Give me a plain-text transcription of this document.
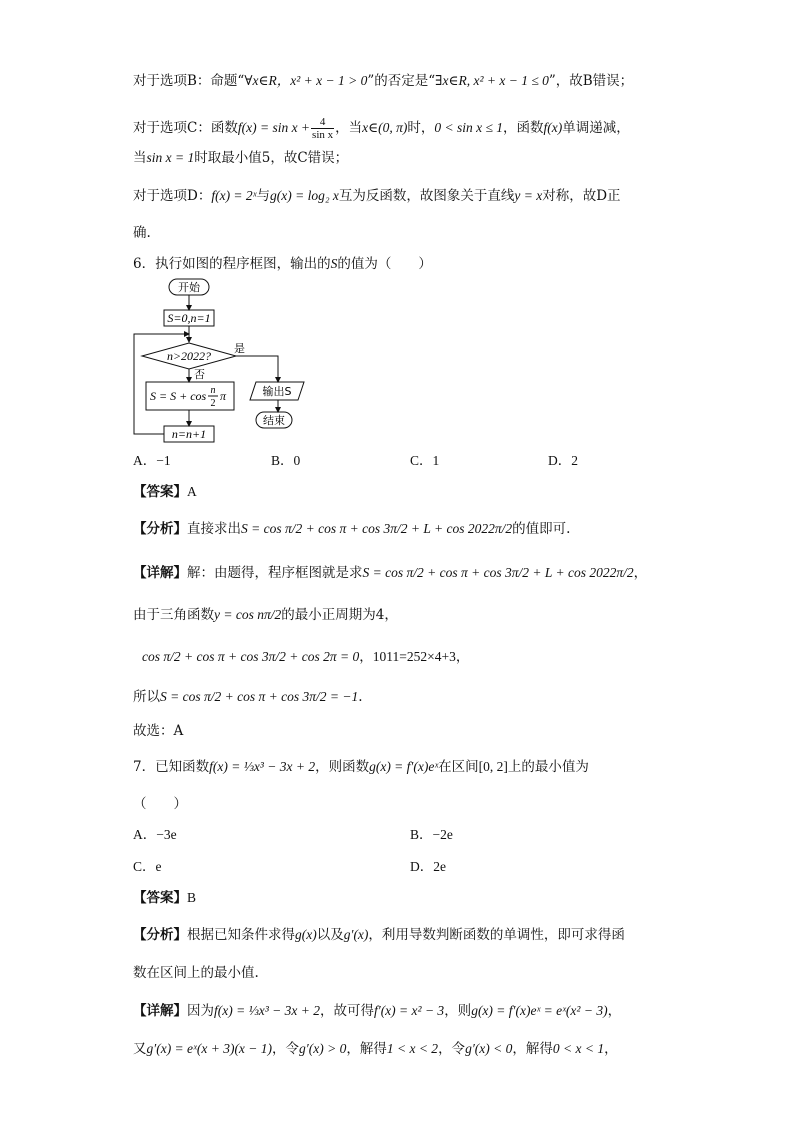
对于选项B：命题“∀x∈R，x² + x − 1 > 0”的否定是“∃x∈R, x² + x − 1 ≤ 0”，故B错误；
对于选项C：函数$f(x) = \sin x + \frac{4}{\text{sin x}}$ ，当x∈(0, π)时，0 < sin x ≤ 1，函数f(x)单调递减，
当sin x = 1时取最小值5，故C错误；
对于选项D：f(x) = 2ˣ与g(x) = log₂ x互为反函数，故图象关于直线y = x对称，故D正
确.
6．执行如图的程序框图，输出的S的值为（　　）
开始
S=0,n=1
n>2022?
是
否
S = S + cos n
2
π
n=n+1
输出S
结束
A．−1	B．0	C．1	D．2
【答案】A
【分析】直接求出S = cos π/2 + cos π + cos 3π/2 + L + cos 2022π/2的值即可.
【详解】解：由题得，程序框图就是求S = cos π/2 + cos π + cos 3π/2 + L + cos 2022π/2，
由于三角函数y = cos nπ/2的最小正周期为4，
cos π/2 + cos π + cos 3π/2 + cos 2π = 0，1011=252×4+3，
所以S = cos π/2 + cos π + cos 3π/2 = −1.
故选：A
7．已知函数f(x) = ⅓x³ − 3x + 2，则函数g(x) = f′(x)eˣ在区间[0, 2]上的最小值为
（　　）
A．−3e	B．−2e
C．e	D．2e
【答案】B
【分析】根据已知条件求得g(x)以及g′(x)，利用导数判断函数的单调性，即可求得函
数在区间上的最小值.
【详解】因为f(x) = ⅓x³ − 3x + 2，故可得f′(x) = x² − 3，则g(x) = f′(x)eˣ = eˣ(x² − 3)，
又g′(x) = eˣ(x + 3)(x − 1)，令g′(x) > 0，解得1 < x < 2，令g′(x) < 0，解得0 < x < 1，
